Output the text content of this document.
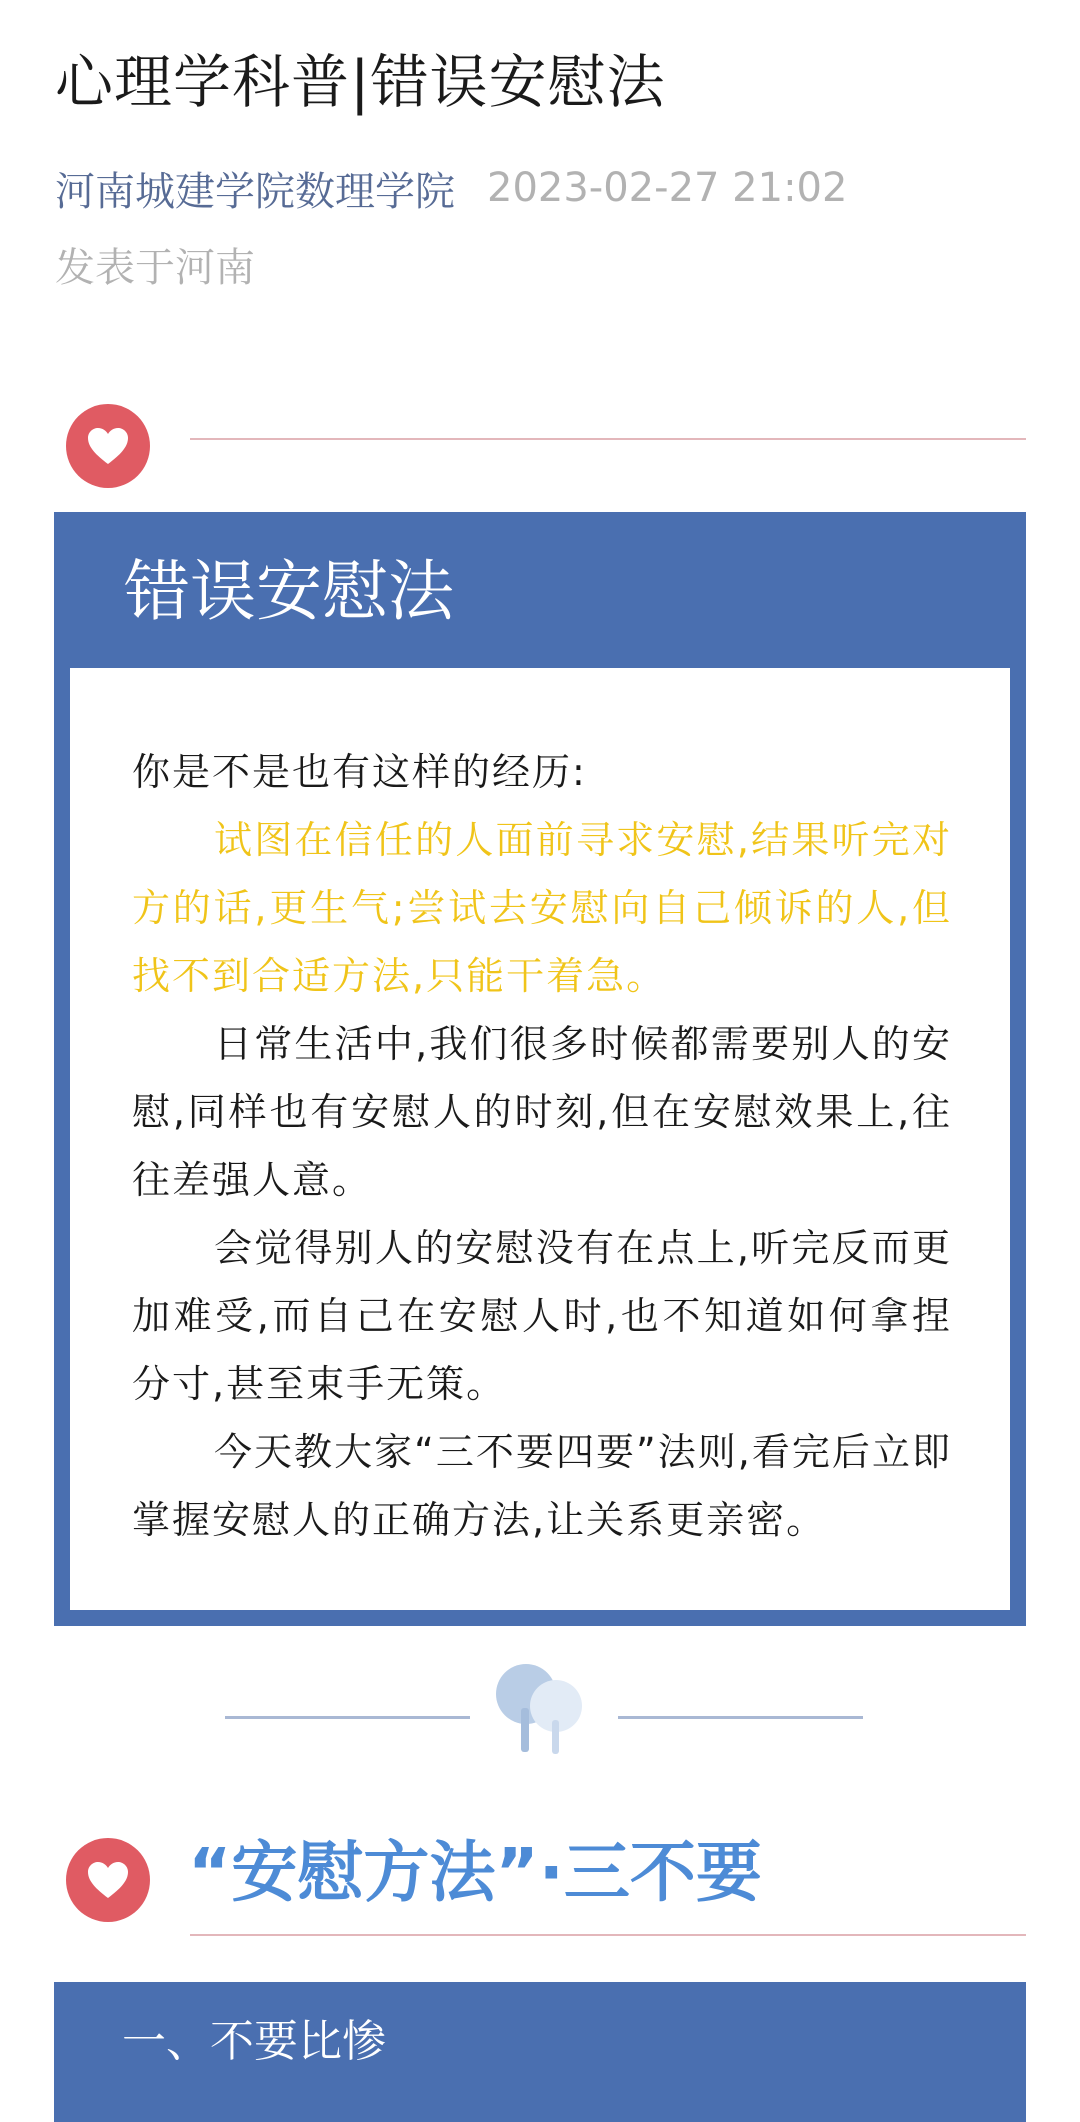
心理学科普|错误安慰法
河南城建学院数理学院 2023-02-27 21:02
发表于河南
错误安慰法

你是不是也有这样的经历:

试图在信任的人面前寻求安慰,结果听完对方的话,更生气;尝试去安慰向自己倾诉的人,但找不到合适方法,只能干着急。

日常生活中,我们很多时候都需要别人的安慰,同样也有安慰人的时刻,但在安慰效果上,往往差强人意。

会觉得别人的安慰没有在点上,听完反而更加难受,而自己在安慰人时,也不知道如何拿捏分寸,甚至束手无策。

今天教大家“三不要四要”法则,看完后立即掌握安慰人的正确方法,让关系更亲密。

“安慰方法”·三不要
一、不要比惨
